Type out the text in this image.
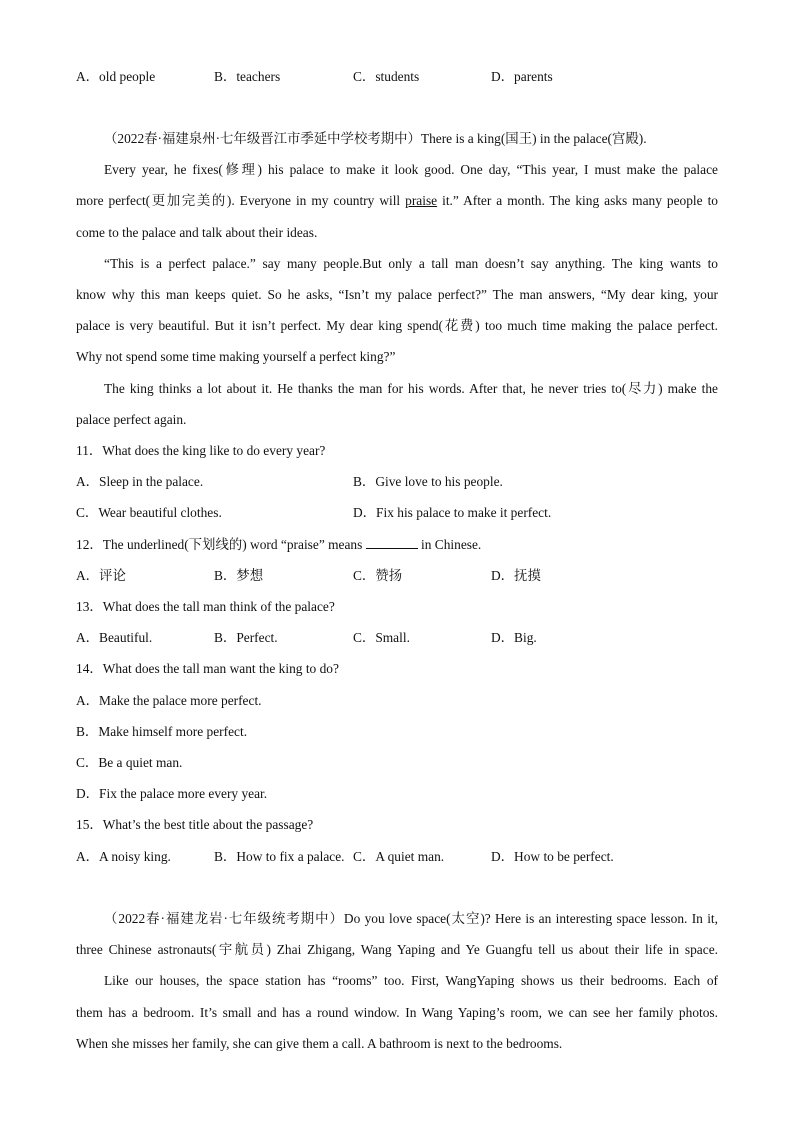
A．old people	B．teachers	C．students	D．parents
（2022春·福建泉州·七年级晋江市季延中学校考期中）There is a king(国王) in the palace(宫殿).
Every year, he fixes(修理) his palace to make it look good. One day, “This year, I must make the palace
more perfect(更加完美的). Everyone in my country will praise it.” After a month. The king asks many people to
come to the palace and talk about their ideas.
“This is a perfect palace.” say many people.But only a tall man doesn’t say anything. The king wants to
know why this man keeps quiet. So he asks, “Isn’t my palace perfect?” The man answers, “My dear king, your
palace is very beautiful. But it isn’t perfect. My dear king spend(花费) too much time making the palace perfect.
Why not spend some time making yourself a perfect king?”
The king thinks a lot about it. He thanks the man for his words. After that, he never tries to(尽力) make the
palace perfect again.
11．What does the king like to do every year?
A．Sleep in the palace.	B．Give love to his people.
C．Wear beautiful clothes.	D．Fix his palace to make it perfect.
12．The underlined(下划线的) word “praise” means	in Chinese.
A．评论	B．梦想	C．赞扬	D．抚摸
13．What does the tall man think of the palace?
A．Beautiful.	B．Perfect.	C．Small.	D．Big.
14．What does the tall man want the king to do?
A．Make the palace more perfect.
B．Make himself more perfect.
C．Be a quiet man.
D．Fix the palace more every year.
15．What’s the best title about the passage?
A．A noisy king.	B．How to fix a palace. C．A quiet man.	D．How to be perfect.
（2022春·福建龙岩·七年级统考期中）Do you love space(太空)? Here is an interesting space lesson. In it,
three Chinese astronauts(宇航员) Zhai Zhigang, Wang Yaping and Ye Guangfu tell us about their life in space.
Like our houses, the space station has “rooms” too. First, WangYaping shows us their bedrooms. Each of
them has a bedroom. It’s small and has a round window. In Wang Yaping’s room, we can see her family photos.
When she misses her family, she can give them a call. A bathroom is next to the bedrooms.
